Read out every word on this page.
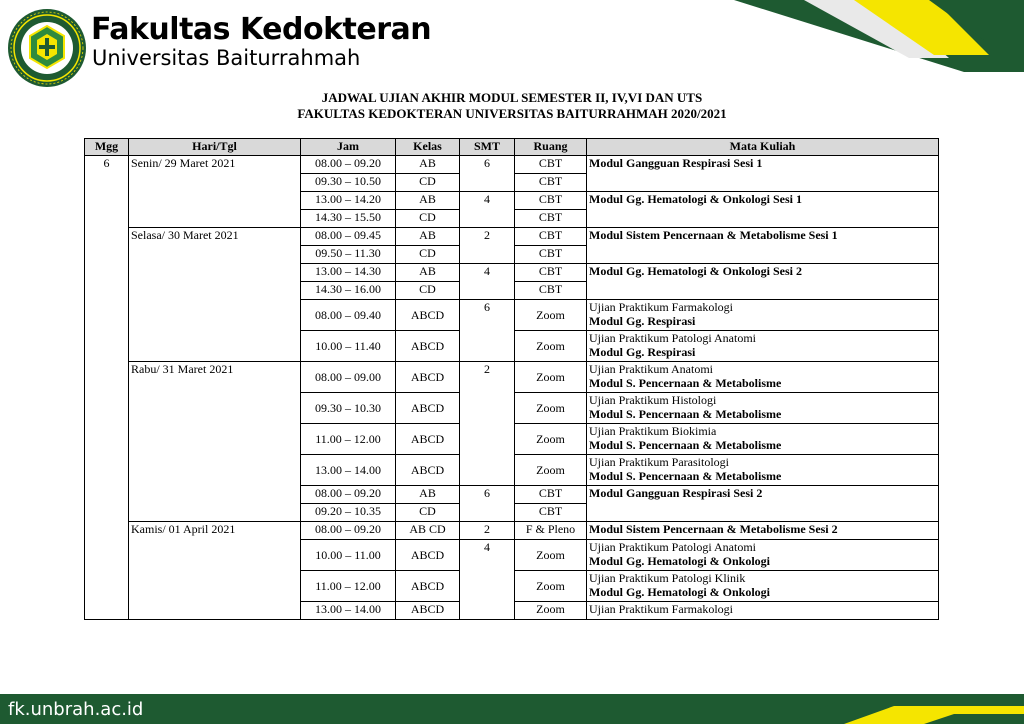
Fakultas Kedokteran
Universitas Baiturrahmah
JADWAL UJIAN AKHIR MODUL SEMESTER II, IV,VI DAN UTS
FAKULTAS KEDOKTERAN UNIVERSITAS BAITURRAHMAH 2020/2021
Mgg	Hari/Tgl	Jam	Kelas	SMT	Ruang	Mata Kuliah
6	Senin/ 29 Maret 2021	08.00 – 09.20	AB	6	CBT	Modul Gangguan Respirasi Sesi 1
		09.30 – 10.50	CD		CBT	
		13.00 – 14.20	AB	4	CBT	Modul Gg. Hematologi & Onkologi Sesi 1
		14.30 – 15.50	CD		CBT	
	Selasa/ 30 Maret 2021	08.00 – 09.45	AB	2	CBT	Modul Sistem Pencernaan & Metabolisme Sesi 1
		09.50 – 11.30	CD		CBT	
		13.00 – 14.30	AB	4	CBT	Modul Gg. Hematologi & Onkologi Sesi 2
		14.30 – 16.00	CD		CBT	
		08.00 – 09.40	ABCD	6	Zoom	Ujian Praktikum Farmakologi
Modul Gg. Respirasi

		10.00 – 11.40	ABCD		Zoom	Ujian Praktikum Patologi Anatomi
Modul Gg. Respirasi

	Rabu/ 31 Maret 2021	08.00 – 09.00	ABCD	2	Zoom	Ujian Praktikum Anatomi
Modul S. Pencernaan & Metabolisme

		09.30 – 10.30	ABCD		Zoom	Ujian Praktikum Histologi
Modul S. Pencernaan & Metabolisme

		11.00 – 12.00	ABCD		Zoom	Ujian Praktikum Biokimia
Modul S. Pencernaan & Metabolisme

		13.00 – 14.00	ABCD		Zoom	Ujian Praktikum Parasitologi
Modul S. Pencernaan & Metabolisme

		08.00 – 09.20	AB	6	CBT	Modul Gangguan Respirasi Sesi 2
		09.20 – 10.35	CD		CBT	
	Kamis/ 01 April 2021	08.00 – 09.20	AB CD	2	F & Pleno	Modul Sistem Pencernaan & Metabolisme Sesi 2
		10.00 – 11.00	ABCD	4	Zoom	Ujian Praktikum Patologi Anatomi
Modul Gg. Hematologi & Onkologi

		11.00 – 12.00	ABCD		Zoom	Ujian Praktikum Patologi Klinik
Modul Gg. Hematologi & Onkologi

		13.00 – 14.00	ABCD		Zoom	Ujian Praktikum Farmakologi
fk.unbrah.ac.id
